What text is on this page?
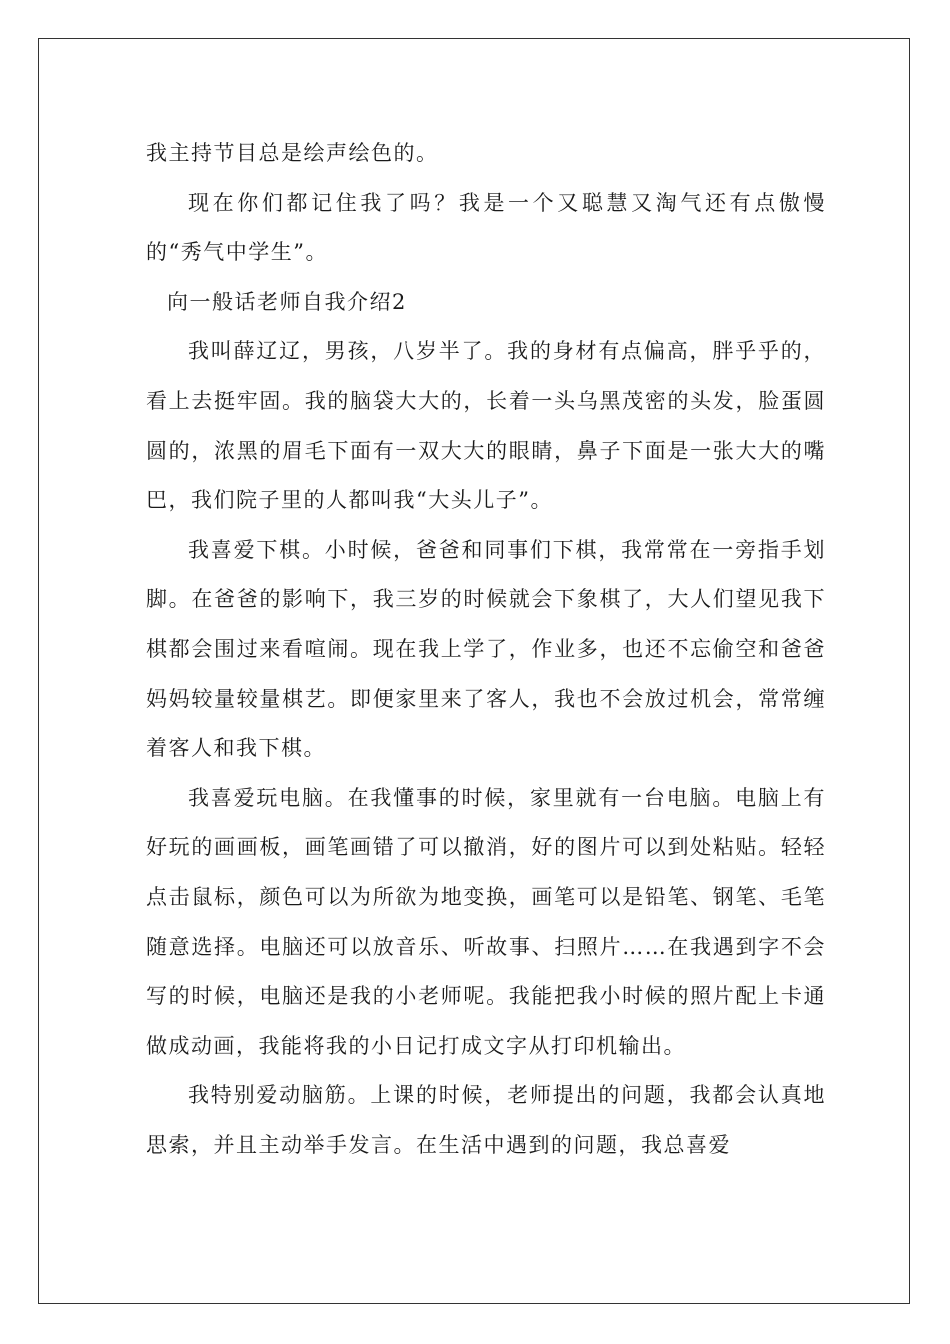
我主持节目总是绘声绘色的。

现在你们都记住我了吗？我是一个又聪慧又淘气还有点傲慢的“秀气中学生”。

向一般话老师自我介绍2

我叫薛辽辽，男孩，八岁半了。我的身材有点偏高，胖乎乎的，看上去挺牢固。我的脑袋大大的，长着一头乌黑茂密的头发，脸蛋圆圆的，浓黑的眉毛下面有一双大大的眼睛，鼻子下面是一张大大的嘴巴，我们院子里的人都叫我“大头儿子”。

我喜爱下棋。小时候，爸爸和同事们下棋，我常常在一旁指手划脚。在爸爸的影响下，我三岁的时候就会下象棋了，大人们望见我下棋都会围过来看喧闹。现在我上学了，作业多，也还不忘偷空和爸爸妈妈较量较量棋艺。即便家里来了客人，我也不会放过机会，常常缠着客人和我下棋。

我喜爱玩电脑。在我懂事的时候，家里就有一台电脑。电脑上有好玩的画画板，画笔画错了可以撤消，好的图片可以到处粘贴。轻轻点击鼠标，颜色可以为所欲为地变换，画笔可以是铅笔、钢笔、毛笔随意选择。电脑还可以放音乐、听故事、扫照片……在我遇到字不会写的时候，电脑还是我的小老师呢。我能把我小时候的照片配上卡通做成动画，我能将我的小日记打成文字从打印机输出。

我特别爱动脑筋。上课的时候，老师提出的问题，我都会认真地思索，并且主动举手发言。在生活中遇到的问题，我总喜爱
